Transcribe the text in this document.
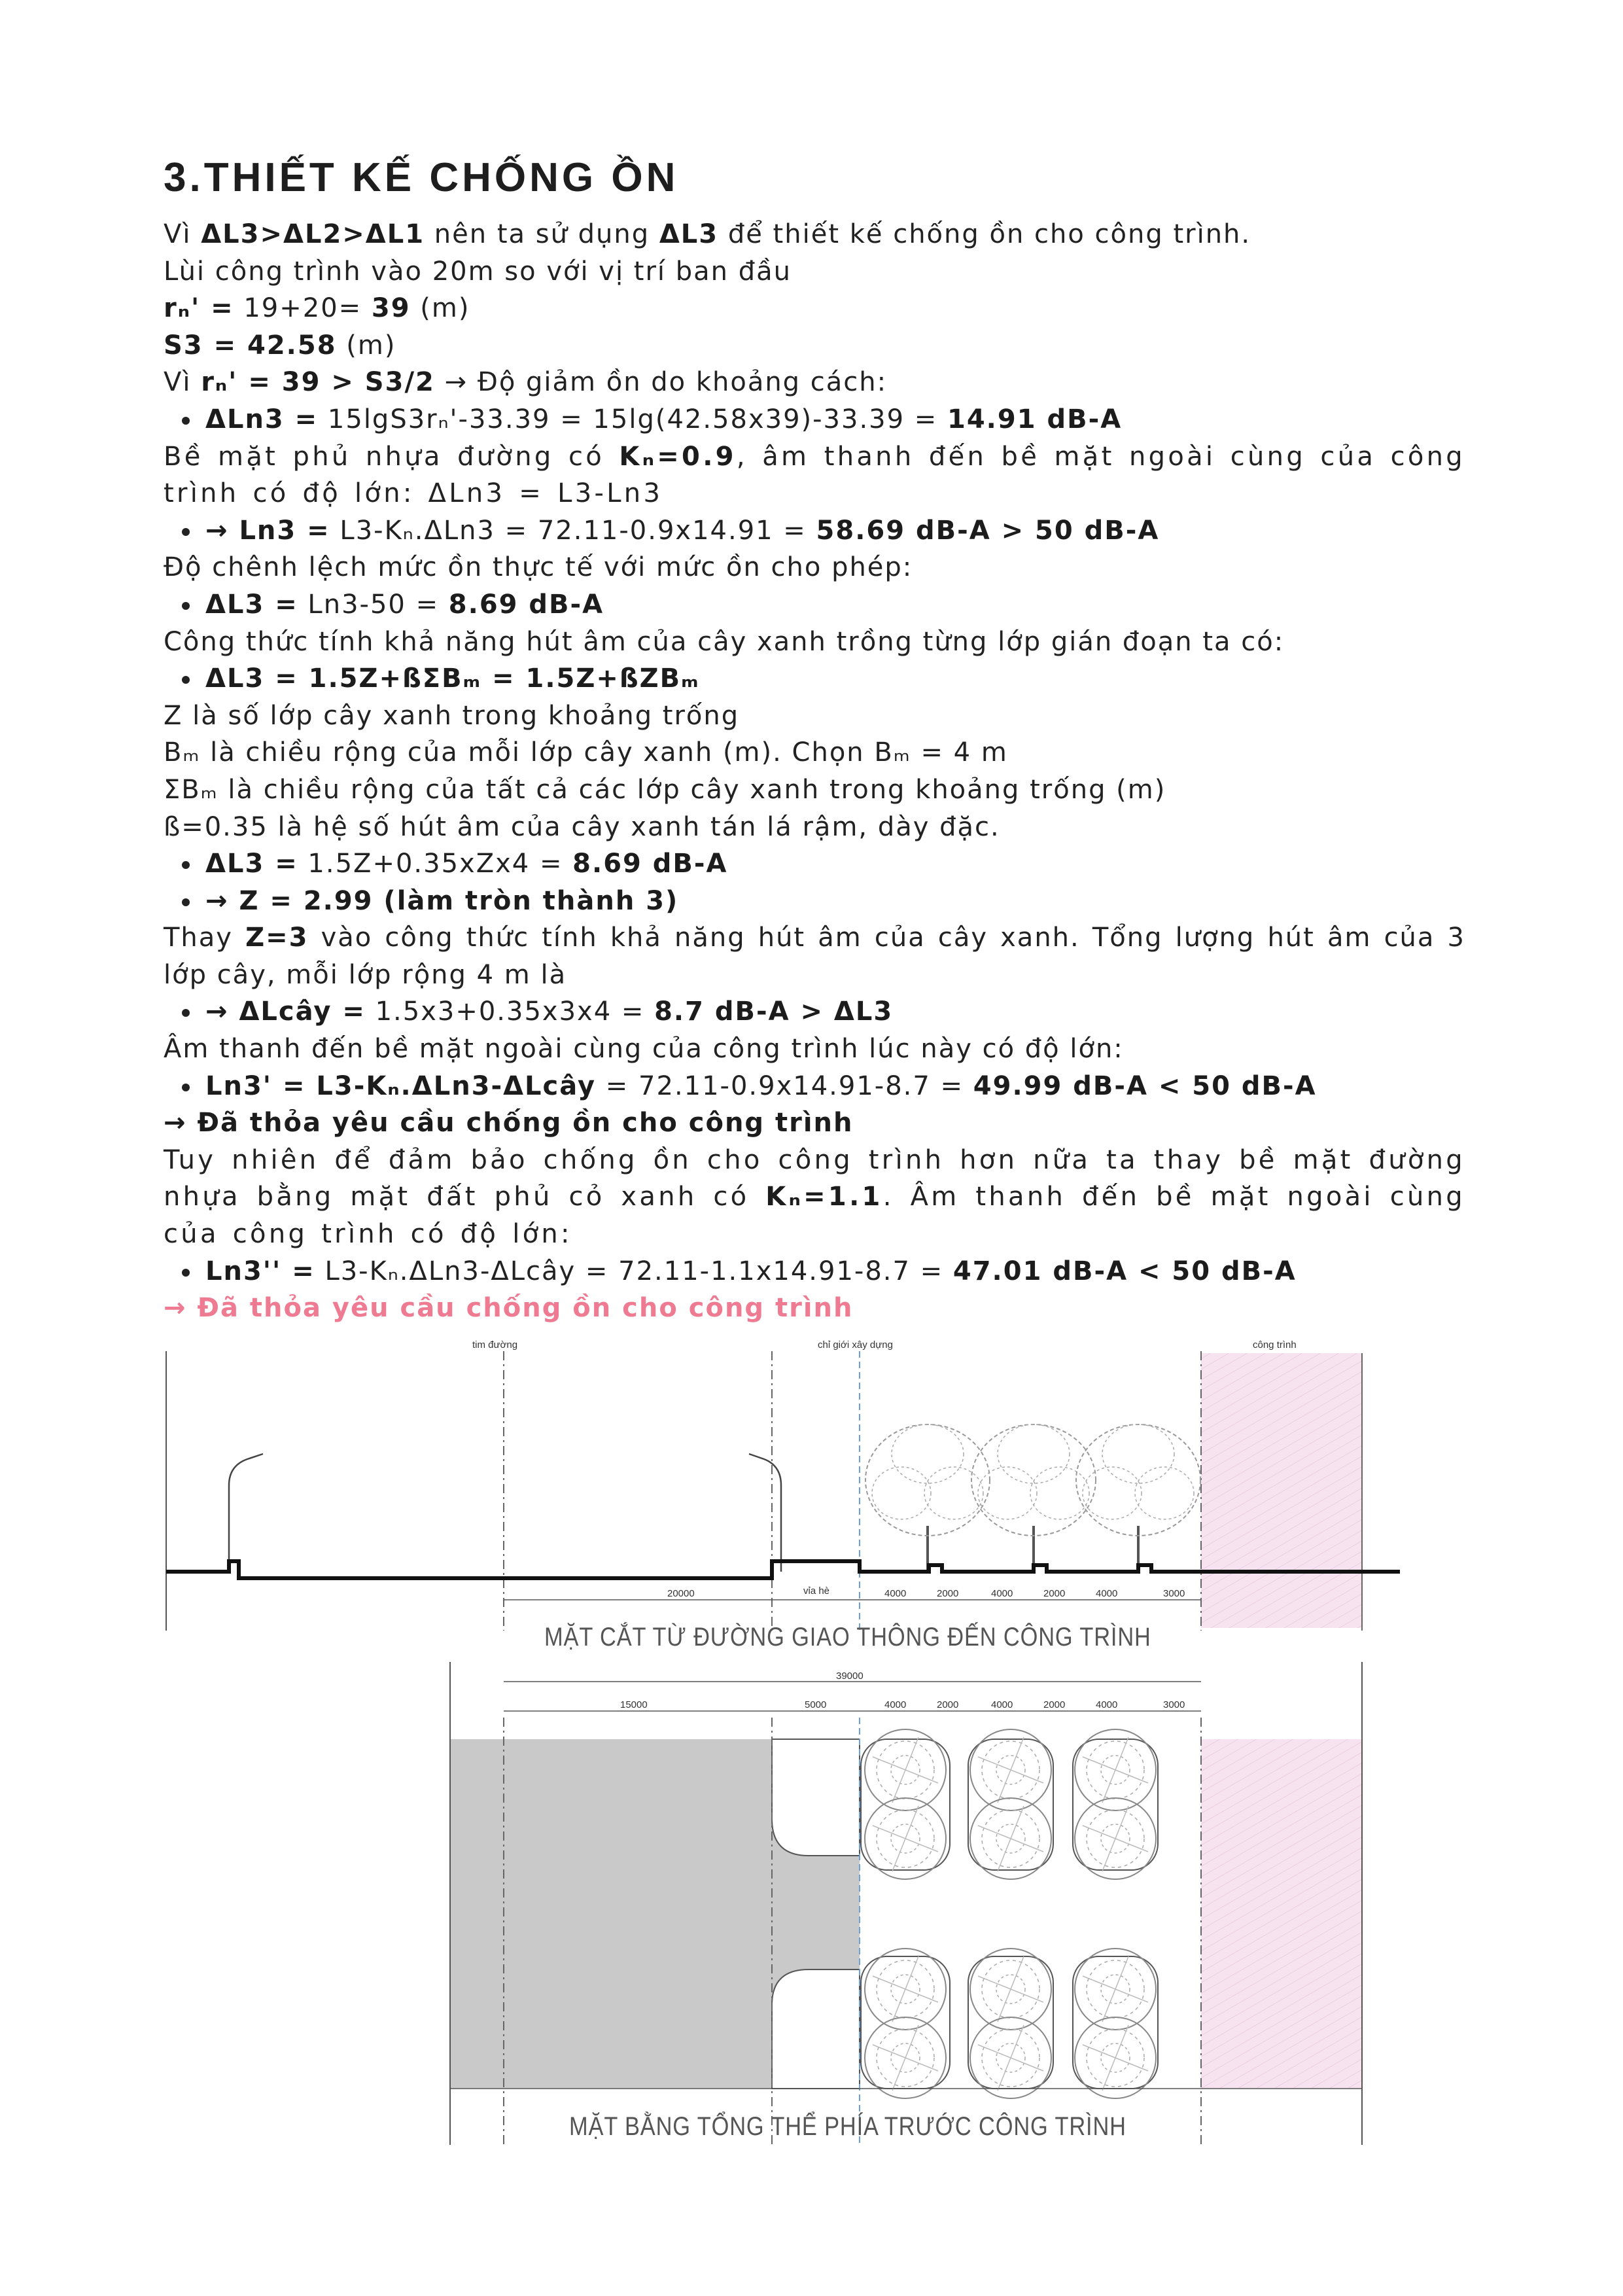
3.THIẾT KẾ CHỐNG ỒN

Vì ΔL3>ΔL2>ΔL1 nên ta sử dụng ΔL3 để thiết kế chống ồn cho công trình.

Lùi công trình vào 20m so với vị trí ban đầu

rₙ' = 19+20= 39 (m)

S3 = 42.58 (m)

Vì rₙ' = 39 > S3/2 → Độ giảm ồn do khoảng cách:

ΔLn3 = 15lgS3rₙ'-33.39 = 15lg(42.58x39)-33.39 = 14.91 dB-A

Bề mặt phủ nhựa đường có Kₙ=0.9, âm thanh đến bề mặt ngoài cùng của công trình có độ lớn: ΔLn3 = L3-Ln3

→ Ln3 = L3-Kₙ.ΔLn3 = 72.11-0.9x14.91 = 58.69 dB-A > 50 dB-A

Độ chênh lệch mức ồn thực tế với mức ồn cho phép:

ΔL3 = Ln3-50 = 8.69 dB-A

Công thức tính khả năng hút âm của cây xanh trồng từng lớp gián đoạn ta có:

ΔL3 = 1.5Z+ßΣBₘ = 1.5Z+ßZBₘ

Z là số lớp cây xanh trong khoảng trống

Bₘ là chiều rộng của mỗi lớp cây xanh (m). Chọn Bₘ = 4 m

ΣBₘ là chiều rộng của tất cả các lớp cây xanh trong khoảng trống (m)

ß=0.35 là hệ số hút âm của cây xanh tán lá rậm, dày đặc.

ΔL3 = 1.5Z+0.35xZx4 = 8.69 dB-A

→ Z = 2.99 (làm tròn thành 3)

Thay Z=3 vào công thức tính khả năng hút âm của cây xanh. Tổng lượng hút âm của 3 lớp cây, mỗi lớp rộng 4 m là

→ ΔLcây = 1.5x3+0.35x3x4 = 8.7 dB-A > ΔL3

Âm thanh đến bề mặt ngoài cùng của công trình lúc này có độ lớn:

Ln3' = L3-Kₙ.ΔLn3-ΔLcây = 72.11-0.9x14.91-8.7 = 49.99 dB-A < 50 dB-A

→ Đã thỏa yêu cầu chống ồn cho công trình

Tuy nhiên để đảm bảo chống ồn cho công trình hơn nữa ta thay bề mặt đường nhựa bằng mặt đất phủ cỏ xanh có Kₙ=1.1. Âm thanh đến bề mặt ngoài cùng của công trình có độ lớn:

Ln3'' = L3-Kₙ.ΔLn3-ΔLcây = 72.11-1.1x14.91-8.7 = 47.01 dB-A < 50 dB-A

→ Đã thỏa yêu cầu chống ồn cho công trình

tim đường	chỉ giới xây dựng	công trình
vỉa hè
20000	4000	2000	4000	2000	4000	3000
39000
15000	5000	4000	2000	4000	2000	4000	3000
MẶT CẮT TỪ ĐƯỜNG GIAO THÔNG ĐẾN CÔNG TRÌNH
MẶT BẰNG TỔNG THỂ PHÍA TRƯỚC CÔNG TRÌNH
